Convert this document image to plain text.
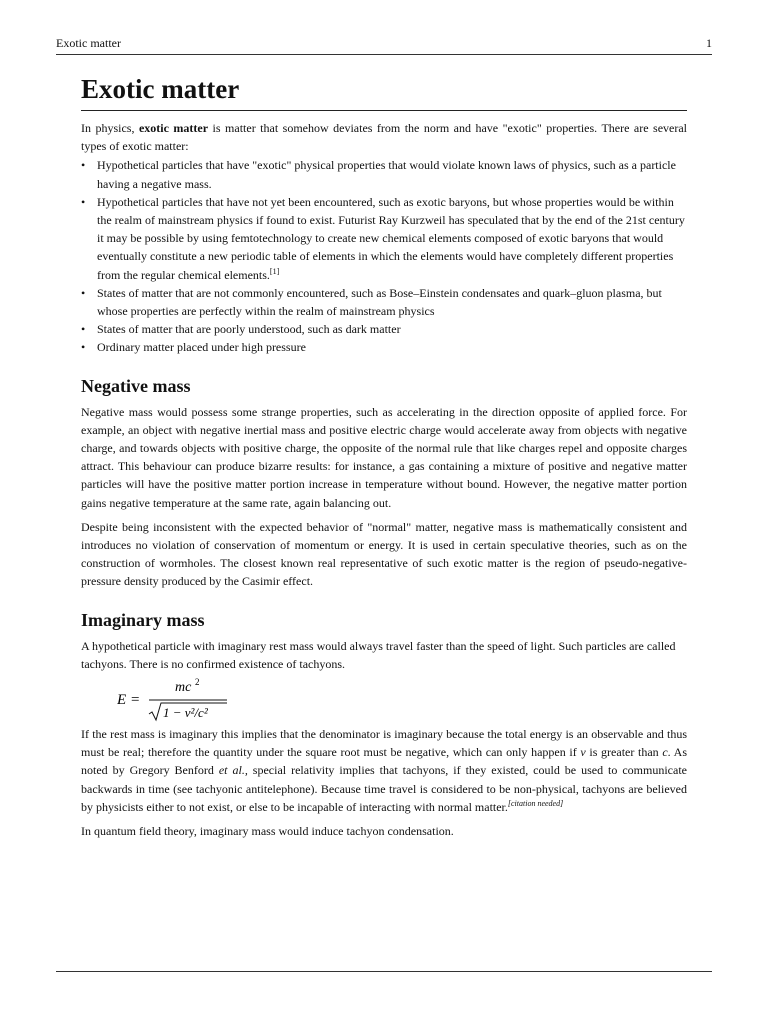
Exotic matter	1
Exotic matter

In physics, exotic matter is matter that somehow deviates from the norm and have "exotic" properties. There are several types of exotic matter:

• Hypothetical particles that have "exotic" physical properties that would violate known laws of physics, such as a particle having a negative mass.
• Hypothetical particles that have not yet been encountered, such as exotic baryons, but whose properties would be within the realm of mainstream physics if found to exist. Futurist Ray Kurzweil has speculated that by the end of the 21st century it may be possible by using femtotechnology to create new chemical elements composed of exotic baryons that would eventually constitute a new periodic table of elements in which the elements would have completely different properties from the regular chemical elements.[1]
• States of matter that are not commonly encountered, such as Bose–Einstein condensates and quark–gluon plasma, but whose properties are perfectly within the realm of mainstream physics
• States of matter that are poorly understood, such as dark matter
• Ordinary matter placed under high pressure
Negative mass

Negative mass would possess some strange properties, such as accelerating in the direction opposite of applied force. For example, an object with negative inertial mass and positive electric charge would accelerate away from objects with negative charge, and towards objects with positive charge, the opposite of the normal rule that like charges repel and opposite charges attract. This behaviour can produce bizarre results: for instance, a gas containing a mixture of positive and negative matter particles will have the positive matter portion increase in temperature without bound. However, the negative matter portion gains negative temperature at the same rate, again balancing out.

Despite being inconsistent with the expected behavior of "normal" matter, negative mass is mathematically consistent and introduces no violation of conservation of momentum or energy. It is used in certain speculative theories, such as on the construction of wormholes. The closest known real representative of such exotic matter is the region of pseudo-negative-pressure density produced by the Casimir effect.

Imaginary mass

A hypothetical particle with imaginary rest mass would always travel faster than the speed of light. Such particles are called tachyons. There is no confirmed existence of tachyons.

E =
mc 2
1 − v²/c²

If the rest mass is imaginary this implies that the denominator is imaginary because the total energy is an observable and thus must be real; therefore the quantity under the square root must be negative, which can only happen if v is greater than c. As noted by Gregory Benford et al., special relativity implies that tachyons, if they existed, could be used to communicate backwards in time (see tachyonic antitelephone). Because time travel is considered to be non-physical, tachyons are believed by physicists either to not exist, or else to be incapable of interacting with normal matter.[citation needed]

In quantum field theory, imaginary mass would induce tachyon condensation.
